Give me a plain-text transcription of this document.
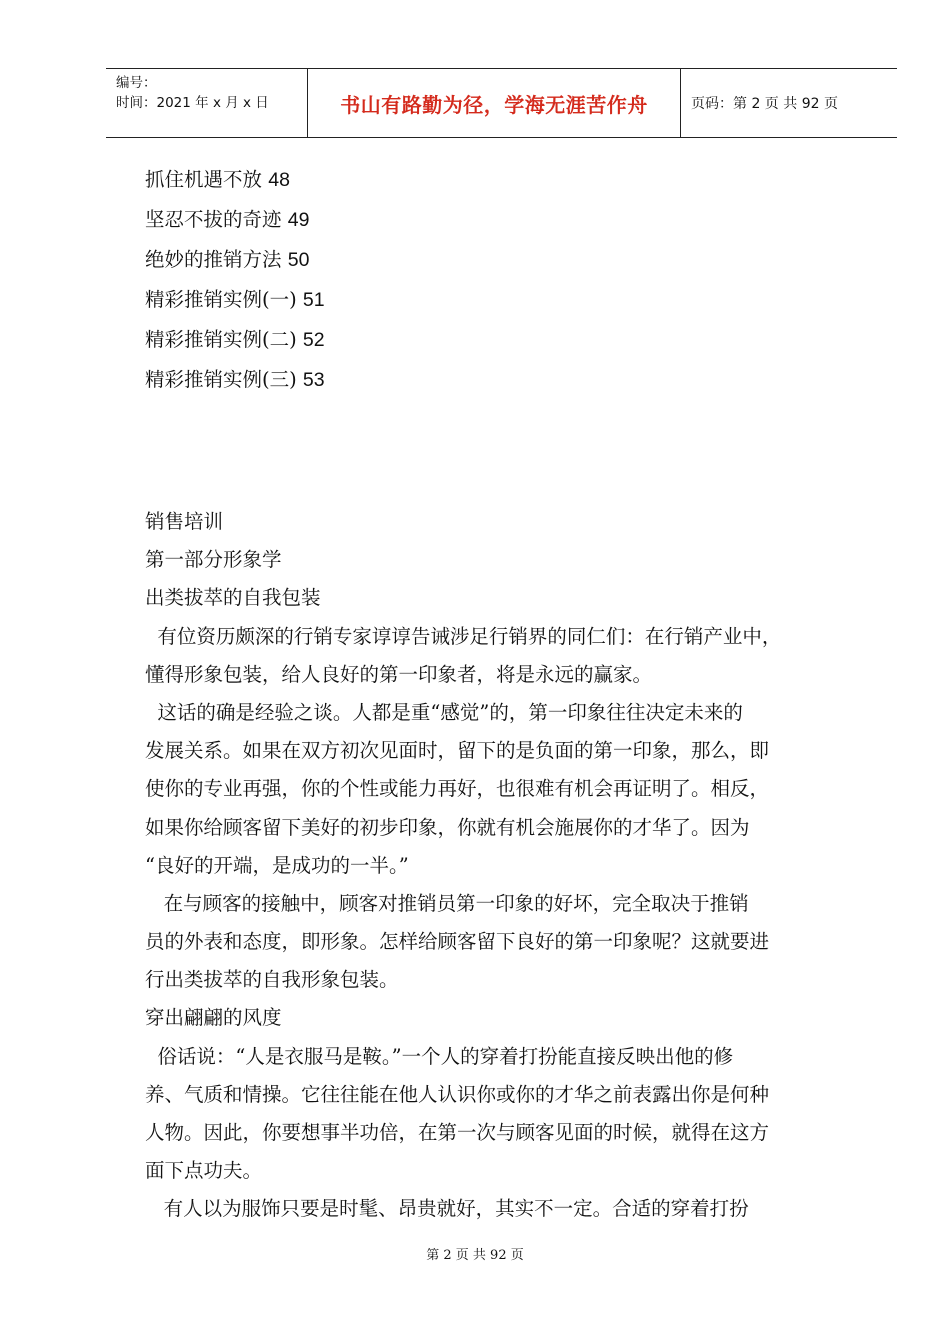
编号：
时间：2021 年 x 月 x 日	书山有路勤为径，学海无涯苦作舟	页码：第 2 页 共 92 页
抓住机遇不放 48
坚忍不拔的奇迹 49
绝妙的推销方法 50
精彩推销实例(一) 51
精彩推销实例(二) 52
精彩推销实例(三) 53
销售培训
第一部分形象学
出类拔萃的自我包装
有位资历颇深的行销专家谆谆告诫涉足行销界的同仁们：在行销产业中，
懂得形象包装，给人良好的第一印象者，将是永远的赢家。
这话的确是经验之谈。人都是重“感觉”的，第一印象往往决定未来的
发展关系。如果在双方初次见面时，留下的是负面的第一印象，那么，即
使你的专业再强，你的个性或能力再好，也很难有机会再证明了。相反，
如果你给顾客留下美好的初步印象，你就有机会施展你的才华了。因为
“良好的开端，是成功的一半。”
在与顾客的接触中，顾客对推销员第一印象的好坏，完全取决于推销
员的外表和态度，即形象。怎样给顾客留下良好的第一印象呢？这就要进
行出类拔萃的自我形象包装。
穿出翩翩的风度
俗话说：“人是衣服马是鞍。”一个人的穿着打扮能直接反映出他的修
养、气质和情操。它往往能在他人认识你或你的才华之前表露出你是何种
人物。因此，你要想事半功倍，在第一次与顾客见面的时候，就得在这方
面下点功夫。
有人以为服饰只要是时髦、昂贵就好，其实不一定。合适的穿着打扮
第 2 页 共 92 页
